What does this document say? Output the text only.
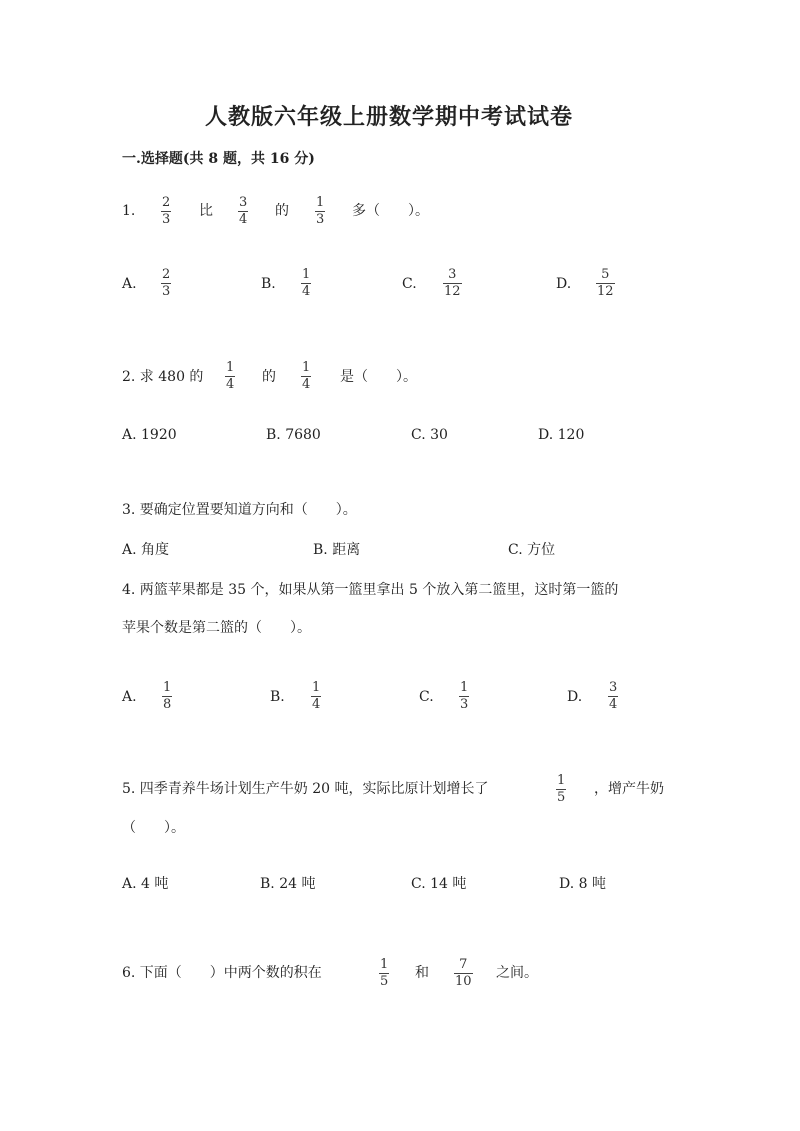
人教版六年级上册数学期中考试试卷
一.选择题(共 8 题，共 16 分)
1.
2
3
比
3
4
的
1
3
多（　　）。
A.
2
3	B.
1
4	C.
3
12	D.
5
12
2. 求 480 的
1
4 的
1
4 是（　　）。
A. 1920	B. 7680	C. 30	D. 120
3. 要确定位置要知道方向和（　　）。
A. 角度	B. 距离	C. 方位
4. 两篮苹果都是 35 个，如果从第一篮里拿出 5 个放入第二篮里，这时第一篮的
苹果个数是第二篮的（　　）。
A.
1
8	B.
1
4	C.
1
3	D.
3
4
5. 四季青养牛场计划生产牛奶 20 吨，实际比原计划增长了
1
5
，增产牛奶
（　　）。
A. 4 吨	B. 24 吨	C. 14 吨	D. 8 吨
6. 下面（　　）中两个数的积在
1
5
和
7
10
之间。
